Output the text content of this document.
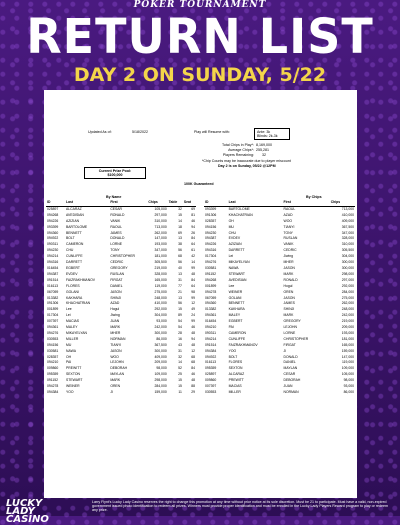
POKER TOURNAMENT
RETURN LIST
DAY 2 ON SUNDAY, 5/22
Updated As of:	5/18/2022	Play will Resume with:	Ante: 3k
Blinds: 2k-3k
Total Chips in Play*: 8,169,000
Average Chips*: 255,281
Players Remaining: 32
*Chip Counts may be inaccurate due to player miscount
Day 2 is on Sunday, 05/22 @12PM
Current Prize Pool:
$100,000
100K Guaranteed
By Name	By Chips
ID	Last	First	Chips	Table	Seat
025897	ALCARAZ	CESAR	105,000	32	69
094268	AVEDISIAN	RONALD	297,000	15	81
094226	AZIZIAN	VANIK	310,000	14	46
093399	BARTOLOME	RAOUL	713,000	18	94
094360	BENNETT	JAMES	262,000	69	26
094922	BOLT	DONALD	147,000	13	84
090311	CAMERON	LORNE	193,000	38	64
094230	CHU	TONY	347,000	56	61
094214	CUNLIFFE	CHRISTOPHER	181,000	68	42
094316	DARRETT	CEDRIC	305,500	56	14
016454	EGBERT	GREGORY	219,000	40	99
094387	EVDEV	RUSLAN	328,000	13	48
091514	FAIZRAKHMANOV	FIRGAT	165,000	31	84
016113	FLORES	DANIEL	119,000	77	64
067059	GOLANI	JASON	275,000	21	98
013382	KAKHARA	SHINJI	248,000	13	99
091306	KHACHATRIAN	AZAD	410,000	56	12
001899	Lee	Hogul	292,000	15	49
017304	Lei	Jiwing	304,000	89	24
007397	MACIAS	JUAN	93,000	54	99
094361	MALEY	MARK	242,000	54	46
094276	MIKAYELYAN	MHER	300,000	28	48
030553	MILLER	NORMAN	86,000	16	94
094156	MU	TIANYI	367,500	43	48
030581	NAWA	JASON	300,000	31	12
028357	OH	WOO	409,000	32	68
094210	PAI	LEJOHN	209,000	14	68
009860	PREWITT	DEBORAH	98,000	52	84
095359	SEXTON	MAYLAN	109,000	25	46
091152	STEWART	MARK	298,000	15	48
094278	WEINER	OREN	284,000	15	88
094384	YOO	JI	159,000	11	29
ID	Last	First	Chips
093399	BARTOLOME	RAOUL	713,000
091306	KHACHATRIAN	AZAD	410,000
028357	OH	WOO	409,000
094156	MU	TIANYI	367,500
094230	CHU	TONY	347,000
094387	EVDEV	RUSLAN	328,000
094226	AZIZIAN	VANIK	310,000
094316	DARRETT	CEDRIC	305,500
017304	Lei	Jiwing	304,000
094276	MIKAYELYAN	MHER	300,000
030581	NAWA	JASON	300,000
091152	STEWART	MARK	298,000
094268	AVEDISIAN	RONALD	297,000
001899	Lee	Hogul	292,000
094278	WEINER	OREN	284,000
067059	GOLANI	JASON	275,000
094360	BENNETT	JAMES	262,000
013382	KAKHARA	SHINJI	248,000
094361	MALEY	MARK	242,000
016454	EGBERT	GREGORY	219,000
094210	PAI	LEJOHN	209,000
090311	CAMERON	LORNE	193,000
094214	CUNLIFFE	CHRISTOPHER	181,000
091514	FAIZRAKHMANOV	FIRGAT	165,000
094384	YOO	JI	159,000
094922	BOLT	DONALD	147,000
016113	FLORES	DANIEL	119,000
095359	SEXTON	MAYLAN	109,000
025897	ALCARAZ	CESAR	105,000
009860	PREWITT	DEBORAH	98,000
007397	MACIAS	JUAN	93,000
030553	MILLER	NORMAN	86,000
LUCKY LADY CASINO
Larry Flynt's Lucky Lady Casino reserves the right to change this promotion at any time without prior notice at its sole discretion. Must be 21 to participate. Must have a valid, non-expired government issued photo identification to redeem all prizes. Winners must provide proper identification and must be enrolled in the Lucky Lady Players Reward program to play or redeem any prize.
